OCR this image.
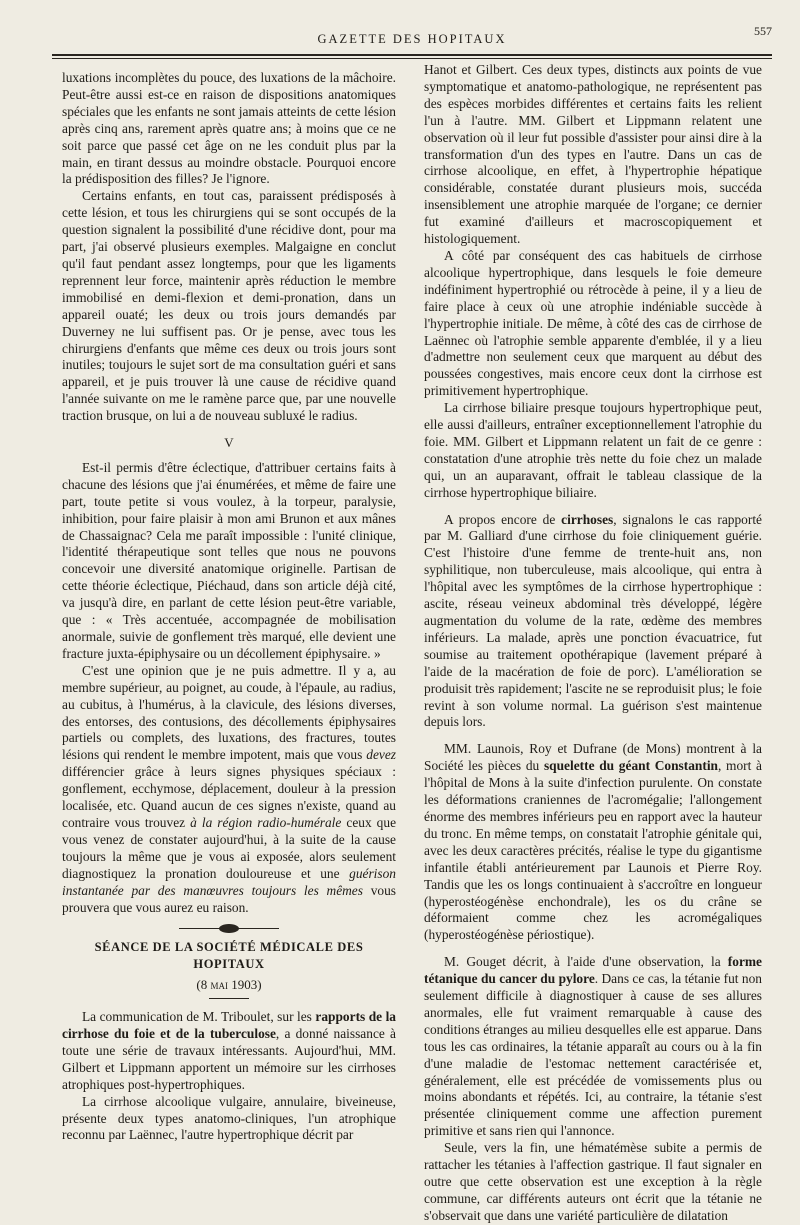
GAZETTE DES HOPITAUX
557

luxations incomplètes du pouce, des luxations de la mâchoire. Peut-être aussi est-ce en raison de dispositions anatomiques spéciales que les enfants ne sont jamais atteints de cette lésion après cinq ans, rarement après quatre ans; à moins que ce ne soit parce que passé cet âge on ne les conduit plus par la main, en tirant dessus au moindre obstacle. Pourquoi encore la prédisposition des filles? Je l'ignore.

Certains enfants, en tout cas, paraissent prédisposés à cette lésion, et tous les chirurgiens qui se sont occupés de la question signalent la possibilité d'une récidive dont, pour ma part, j'ai observé plusieurs exemples. Malgaigne en conclut qu'il faut pendant assez longtemps, pour que les ligaments reprennent leur force, maintenir après réduction le membre immobilisé en demi-flexion et demi-pronation, dans un appareil ouaté; les deux ou trois jours demandés par Duverney ne lui suffisent pas. Or je pense, avec tous les chirurgiens d'enfants que même ces deux ou trois jours sont inutiles; toujours le sujet sort de ma consultation guéri et sans appareil, et je puis trouver là une cause de récidive quand l'année suivante on me le ramène parce que, par une nouvelle traction brusque, on lui a de nouveau subluxé le radius.

V

Est-il permis d'être éclectique, d'attribuer certains faits à chacune des lésions que j'ai énumérées, et même de faire une part, toute petite si vous voulez, à la torpeur, paralysie, inhibition, pour faire plaisir à mon ami Brunon et aux mânes de Chassaignac? Cela me paraît impossible : l'unité clinique, l'identité thérapeutique sont telles que nous ne pouvons concevoir une diversité anatomique originelle. Partisan de cette théorie éclectique, Piéchaud, dans son article déjà cité, va jusqu'à dire, en parlant de cette lésion peut-être variable, que : « Très accentuée, accompagnée de mobilisation anormale, suivie de gonflement très marqué, elle devient une fracture juxta-épiphysaire ou un décollement épiphysaire. »

C'est une opinion que je ne puis admettre. Il y a, au membre supérieur, au poignet, au coude, à l'épaule, au radius, au cubitus, à l'humérus, à la clavicule, des lésions diverses, des entorses, des contusions, des décollements épiphysaires partiels ou complets, des luxations, des fractures, toutes lésions qui rendent le membre impotent, mais que vous devez différencier grâce à leurs signes physiques spéciaux : gonflement, ecchymose, déplacement, douleur à la pression localisée, etc. Quand aucun de ces signes n'existe, quand au contraire vous trouvez à la région radio-humérale ceux que vous venez de constater aujourd'hui, à la suite de la cause toujours la même que je vous ai exposée, alors seulement diagnostiquez la pronation douloureuse et une guérison instantanée par des manœuvres toujours les mêmes vous prouvera que vous aurez eu raison.

SÉANCE DE LA SOCIÉTÉ MÉDICALE DES HOPITAUX
(8 mai 1903)

La communication de M. Triboulet, sur les rapports de la cirrhose du foie et de la tuberculose, a donné naissance à toute une série de travaux intéressants. Aujourd'hui, MM. Gilbert et Lippmann apportent un mémoire sur les cirrhoses atrophiques post-hypertrophiques.

La cirrhose alcoolique vulgaire, annulaire, biveineuse, présente deux types anatomo-cliniques, l'un atrophique reconnu par Laënnec, l'autre hypertrophique décrit par

Hanot et Gilbert. Ces deux types, distincts aux points de vue symptomatique et anatomo-pathologique, ne représentent pas des espèces morbides différentes et certains faits les relient l'un à l'autre. MM. Gilbert et Lippmann relatent une observation où il leur fut possible d'assister pour ainsi dire à la transformation d'un des types en l'autre. Dans un cas de cirrhose alcoolique, en effet, à l'hypertrophie hépatique considérable, constatée durant plusieurs mois, succéda insensiblement une atrophie marquée de l'organe; ce dernier fut examiné d'ailleurs et macroscopiquement et histologiquement.

A côté par conséquent des cas habituels de cirrhose alcoolique hypertrophique, dans lesquels le foie demeure indéfiniment hypertrophié ou rétrocède à peine, il y a lieu de faire place à ceux où une atrophie indéniable succède à l'hypertrophie initiale. De même, à côté des cas de cirrhose de Laënnec où l'atrophie semble apparente d'emblée, il y a lieu d'admettre non seulement ceux que marquent au début des poussées congestives, mais encore ceux dont la cirrhose est primitivement hypertrophique.

La cirrhose biliaire presque toujours hypertrophique peut, elle aussi d'ailleurs, entraîner exceptionnellement l'atrophie du foie. MM. Gilbert et Lippmann relatent un fait de ce genre : constatation d'une atrophie très nette du foie chez un malade qui, un an auparavant, offrait le tableau classique de la cirrhose hypertrophique biliaire.

A propos encore de cirrhoses, signalons le cas rapporté par M. Galliard d'une cirrhose du foie cliniquement guérie. C'est l'histoire d'une femme de trente-huit ans, non syphilitique, non tuberculeuse, mais alcoolique, qui entra à l'hôpital avec les symptômes de la cirrhose hypertrophique : ascite, réseau veineux abdominal très développé, légère augmentation du volume de la rate, œdème des membres inférieurs. La malade, après une ponction évacuatrice, fut soumise au traitement opothérapique (lavement préparé à l'aide de la macération de foie de porc). L'amélioration se produisit très rapidement; l'ascite ne se reproduisit plus; le foie revint à son volume normal. La guérison s'est maintenue depuis lors.

MM. Launois, Roy et Dufrane (de Mons) montrent à la Société les pièces du squelette du géant Constantin, mort à l'hôpital de Mons à la suite d'infection purulente. On constate les déformations craniennes de l'acromégalie; l'allongement énorme des membres inférieurs peu en rapport avec la hauteur du tronc. En même temps, on constatait l'atrophie génitale qui, avec les deux caractères précités, réalise le type du gigantisme infantile établi antérieurement par Launois et Pierre Roy. Tandis que les os longs continuaient à s'accroître en longueur (hyperostéogénèse enchondrale), les os du crâne se déformaient comme chez les acromégaliques (hyperostéogénèse périostique).

M. Gouget décrit, à l'aide d'une observation, la forme tétanique du cancer du pylore. Dans ce cas, la tétanie fut non seulement difficile à diagnostiquer à cause de ses allures anormales, elle fut vraiment remarquable à cause des conditions étranges au milieu desquelles elle est apparue. Dans tous les cas ordinaires, la tétanie apparaît au cours ou à la fin d'une maladie de l'estomac nettement caractérisée et, généralement, elle est précédée de vomissements plus ou moins abondants et répétés. Ici, au contraire, la tétanie s'est présentée cliniquement comme une affection purement primitive et sans rien qui l'annonce.

Seule, vers la fin, une hématémèse subite a permis de rattacher les tétanies à l'affection gastrique. Il faut signaler en outre que cette observation est une exception à la règle commune, car différents auteurs ont écrit que la tétanie ne s'observait que dans une variété particulière de dilatation
